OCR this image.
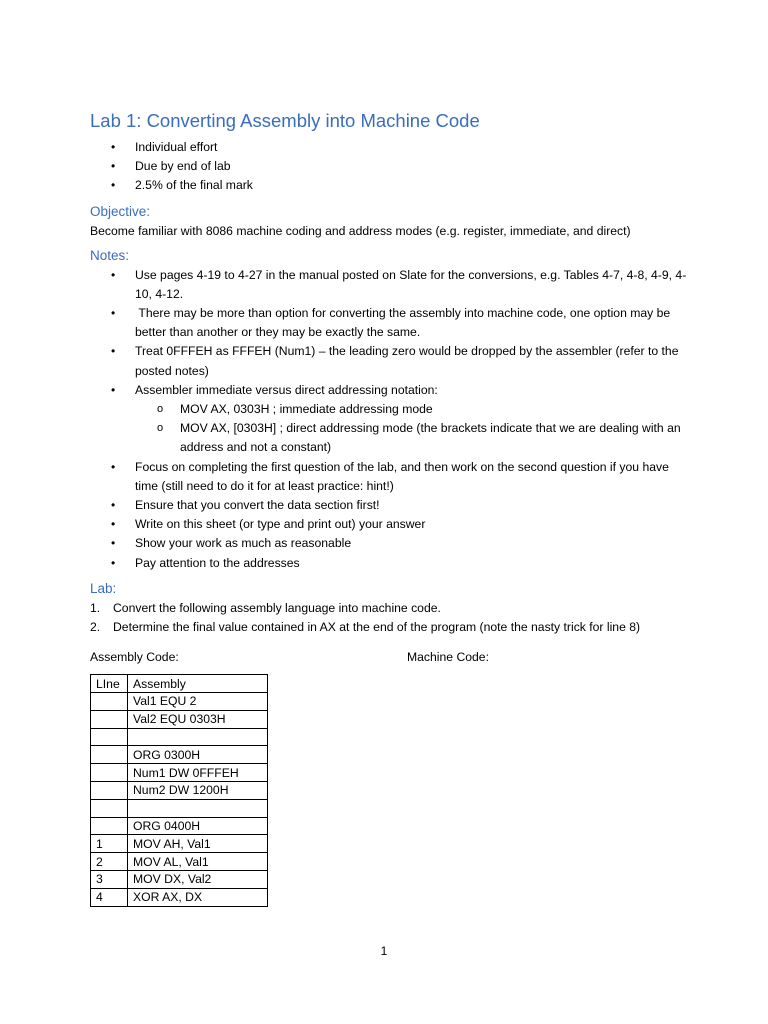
Lab 1: Converting Assembly into Machine Code
• Individual effort
• Due by end of lab
• 2.5% of the final mark
Objective:

Become familiar with 8086 machine coding and address modes (e.g. register, immediate, and direct)

Notes:
• Use pages 4-19 to 4-27 in the manual posted on Slate for the conversions, e.g. Tables 4-7, 4-8, 4-9, 4-10, 4-12.
• There may be more than option for converting the assembly into machine code, one option may be better than another or they may be exactly the same.
• Treat 0FFFEH as FFFEH (Num1) – the leading zero would be dropped by the assembler (refer to the posted notes)
• Assembler immediate versus direct addressing notation:
o MOV AX, 0303H ; immediate addressing mode
o MOV AX, [0303H] ; direct addressing mode (the brackets indicate that we are dealing with an address and not a constant)
• Focus on completing the first question of the lab, and then work on the second question if you have time (still need to do it for at least practice: hint!)
• Ensure that you convert the data section first!
• Write on this sheet (or type and print out) your answer
• Show your work as much as reasonable
• Pay attention to the addresses
Lab:
1. Convert the following assembly language into machine code.
2. Determine the final value contained in AX at the end of the program (note the nasty trick for line 8)
Assembly Code:	Machine Code:
LIne	Assembly
	Val1 EQU 2
	Val2 EQU 0303H

	ORG 0300H
	Num1 DW 0FFFEH
	Num2 DW 1200H

	ORG 0400H
1	MOV AH, Val1
2	MOV AL, Val1
3	MOV DX, Val2
4	XOR AX, DX
1
